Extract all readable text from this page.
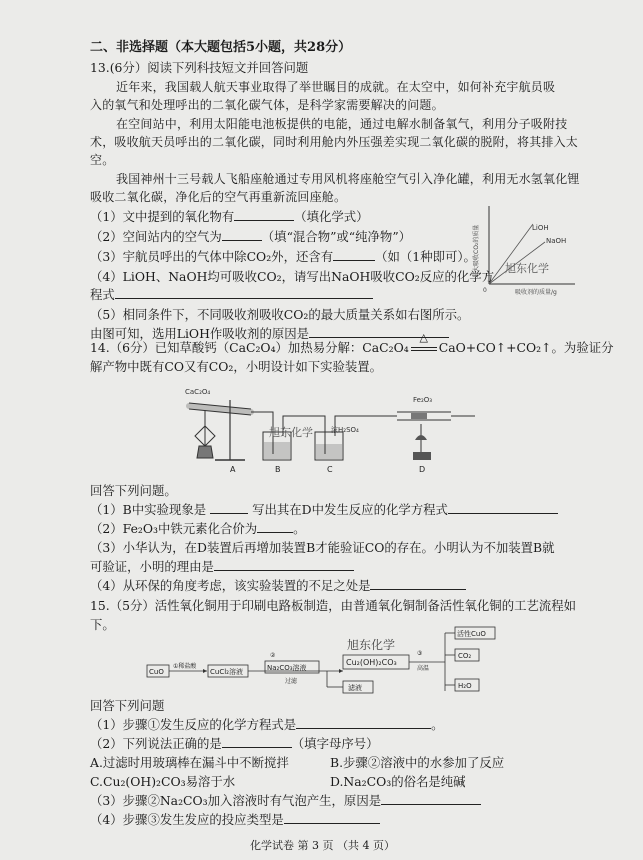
二、非选择题（本大题包括5小题，共28分）
13.(6分）阅读下列科技短文并回答问题
近年来，我国载人航天事业取得了举世瞩目的成就。在太空中，如何补充宇航员吸
入的氧气和处理呼出的二氧化碳气体，是科学家需要解决的问题。
在空间站中，利用太阳能电池板提供的电能，通过电解水制备氧气，利用分子吸附技
术，吸收航天员呼出的二氧化碳，同时利用舱内外压强差实现二氧化碳的脱附，将其排入太
空。
我国神州十三号载人飞船座舱通过专用风机将座舱空气引入净化罐，利用无水氢氧化锂
吸收二氧化碳，净化后的空气再重新流回座舱。
（1）文中提到的氧化物有	（填化学式）
（2）空间站内的空气为	（填“混合物”或“纯净物”）
（3）宇航员呼出的气体中除CO₂外，还含有	（如（1种即可）。
（4）LiOH、NaOH均可吸收CO₂，请写出NaOH吸收CO₂反应的化学方
程式
（5）相同条件下，不同吸收剂吸收CO₂的最大质量关系如右图所示。
由图可知，选用LiOH作吸收剂的原因是
最大吸收CO₂的质量
吸收剂的质量/g
LiOH
NaOH
0
旭东化学
14.（6分）已知草酸钙（CaC₂O₄）加热易分解：CaC₂O₄
△
CaO+CO↑+CO₂↑。为验证分
解产物中既有CO又有CO₂，小明设计如下实验装置。
CaC₂O₄
浓H₂SO₄
Fe₂O₃
A	B	C	D
旭东化学
回答下列问题。
（1）B中实验现象是	写出其在D中发生反应的化学方程式
（2）Fe₂O₃中铁元素化合价为	。
（3）小华认为，在D装置后再增加装置B才能验证CO的存在。小明认为不加装置B就
可验证，小明的理由是
（4）从环保的角度考虑，该实验装置的不足之处是
15.（5分）活性氧化铜用于印刷电路板制造，由普通氧化铜制备活性氧化铜的工艺流程如
下。
CuO
①稀盐酸
CuCl₂溶液
②
Na₂CO₃溶液
过滤
Cu₂(OH)₂CO₃
滤液
③
高温
活性CuO
CO₂
H₂O
旭东化学
回答下列问题
（1）步骤①发生反应的化学方程式是	。
（2）下列说法正确的是	（填字母序号）
A.过滤时用玻璃棒在漏斗中不断搅拌	B.步骤②溶液中的水参加了反应
C.Cu₂(OH)₂CO₃易溶于水	D.Na₂CO₃的俗名是纯碱
（3）步骤②Na₂CO₃加入溶液时有气泡产生，原因是
（4）步骤③发生发应的投应类型是
化学试卷 第 3 页 （共 4 页）
